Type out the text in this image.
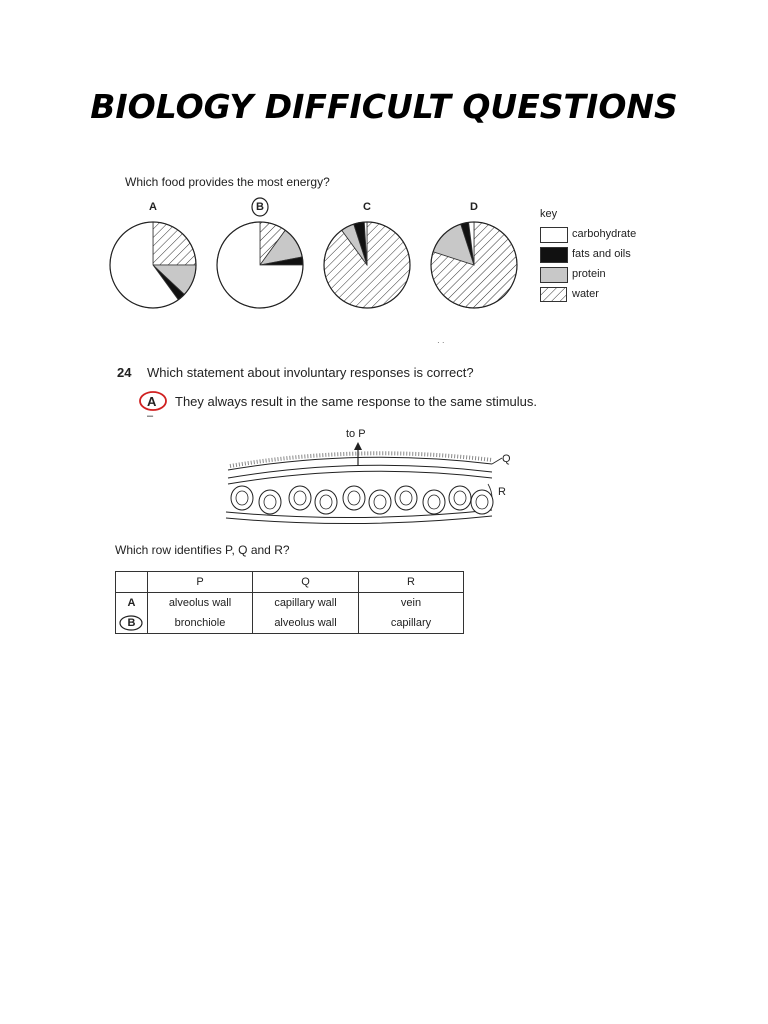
BIOLOGY DIFFICULT QUESTIONS
Which food provides the most energy?
A	B	C	D
key
carbohydrate
fats and oils
protein
water
· ·
24 Which statement about involuntary responses is correct?
A They always result in the same response to the same stimulus.
–
to P
Q
R
Which row identifies P, Q and R?
	P	Q	R
A	alveolus wall	capillary wall	vein
B	bronchiole	alveolus wall	capillary
